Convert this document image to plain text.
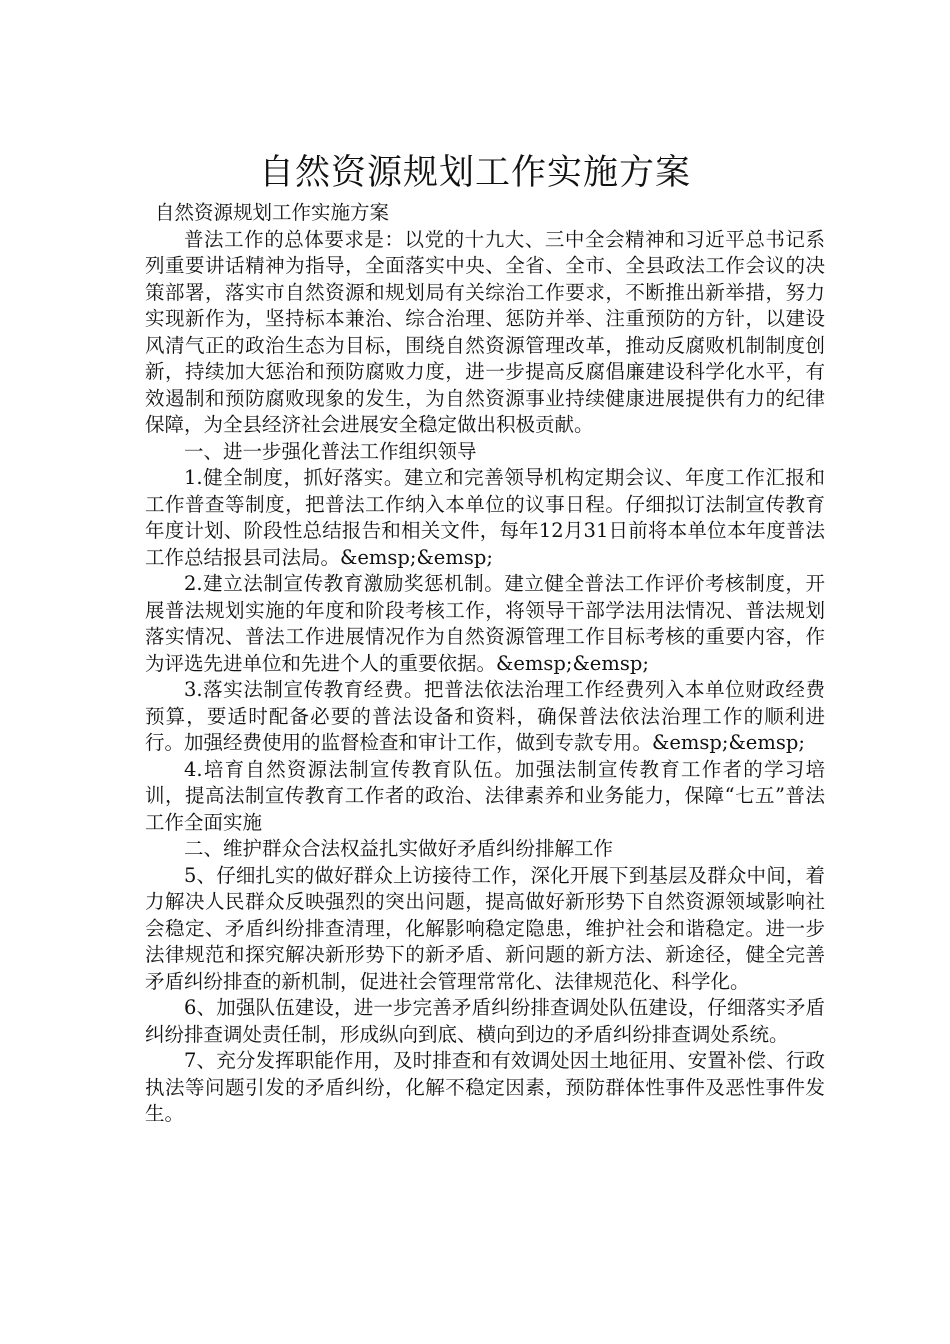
自然资源规划工作实施方案

自然资源规划工作实施方案

普法工作的总体要求是：以党的十九大、三中全会精神和习近平总书记系列重要讲话精神为指导，全面落实中央、全省、全市、全县政法工作会议的决策部署，落实市自然资源和规划局有关综治工作要求，不断推出新举措，努力实现新作为，坚持标本兼治、综合治理、惩防并举、注重预防的方针，以建设风清气正的政治生态为目标，围绕自然资源管理改革，推动反腐败机制制度创新，持续加大惩治和预防腐败力度，进一步提高反腐倡廉建设科学化水平，有效遏制和预防腐败现象的发生，为自然资源事业持续健康进展提供有力的纪律保障，为全县经济社会进展安全稳定做出积极贡献。

一、进一步强化普法工作组织领导

1.健全制度，抓好落实。建立和完善领导机构定期会议、年度工作汇报和工作普查等制度，把普法工作纳入本单位的议事日程。仔细拟订法制宣传教育年度计划、阶段性总结报告和相关文件，每年12月31日前将本单位本年度普法工作总结报县司法局。&emsp;&emsp;

2.建立法制宣传教育激励奖惩机制。建立健全普法工作评价考核制度，开展普法规划实施的年度和阶段考核工作，将领导干部学法用法情况、普法规划落实情况、普法工作进展情况作为自然资源管理工作目标考核的重要内容，作为评选先进单位和先进个人的重要依据。&emsp;&emsp;

3.落实法制宣传教育经费。把普法依法治理工作经费列入本单位财政经费预算，要适时配备必要的普法设备和资料，确保普法依法治理工作的顺利进行。加强经费使用的监督检查和审计工作，做到专款专用。&emsp;&emsp;

4.培育自然资源法制宣传教育队伍。加强法制宣传教育工作者的学习培训，提高法制宣传教育工作者的政治、法律素养和业务能力，保障“七五”普法工作全面实施

二、维护群众合法权益扎实做好矛盾纠纷排解工作

5、仔细扎实的做好群众上访接待工作，深化开展下到基层及群众中间，着力解决人民群众反映强烈的突出问题，提高做好新形势下自然资源领域影响社会稳定、矛盾纠纷排查清理，化解影响稳定隐患，维护社会和谐稳定。进一步法律规范和探究解决新形势下的新矛盾、新问题的新方法、新途径，健全完善矛盾纠纷排查的新机制，促进社会管理常常化、法律规范化、科学化。

6、加强队伍建设，进一步完善矛盾纠纷排查调处队伍建设，仔细落实矛盾纠纷排查调处责任制，形成纵向到底、横向到边的矛盾纠纷排查调处系统。

7、充分发挥职能作用，及时排查和有效调处因土地征用、安置补偿、行政执法等问题引发的矛盾纠纷，化解不稳定因素，预防群体性事件及恶性事件发生。
